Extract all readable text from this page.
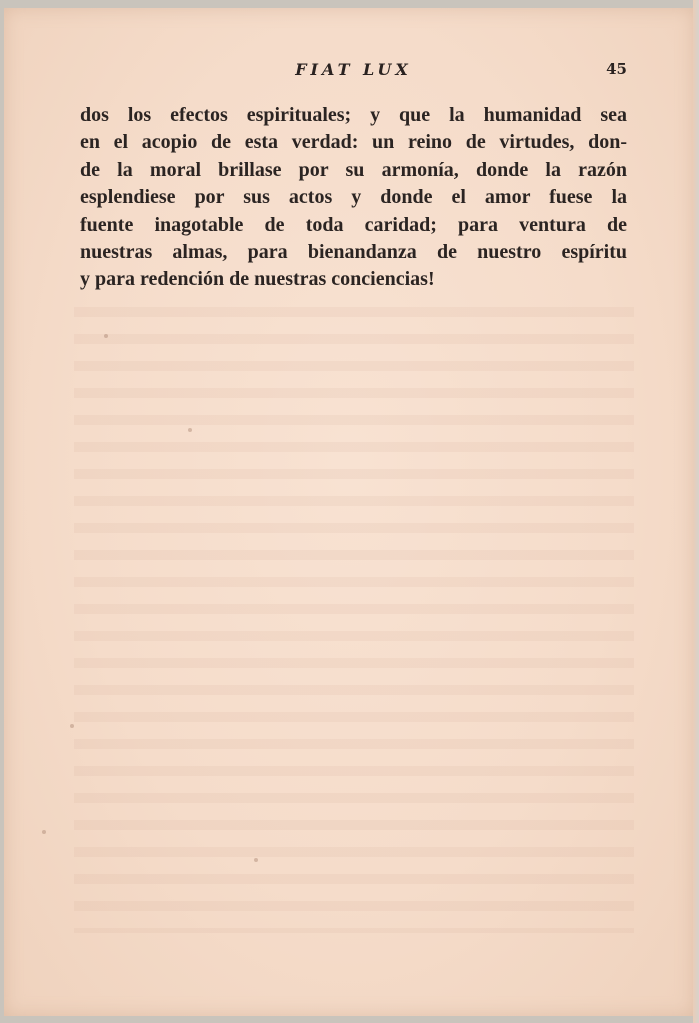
FIAT LUX	45

dos los efectos espirituales; y que la humanidad sea
en el acopio de esta verdad: un reino de virtudes, don-
de la moral brillase por su armonía, donde la razón
esplendiese por sus actos y donde el amor fuese la
fuente inagotable de toda caridad; para ventura de
nuestras almas, para bienandanza de nuestro espíritu
y para redención de nuestras conciencias!
